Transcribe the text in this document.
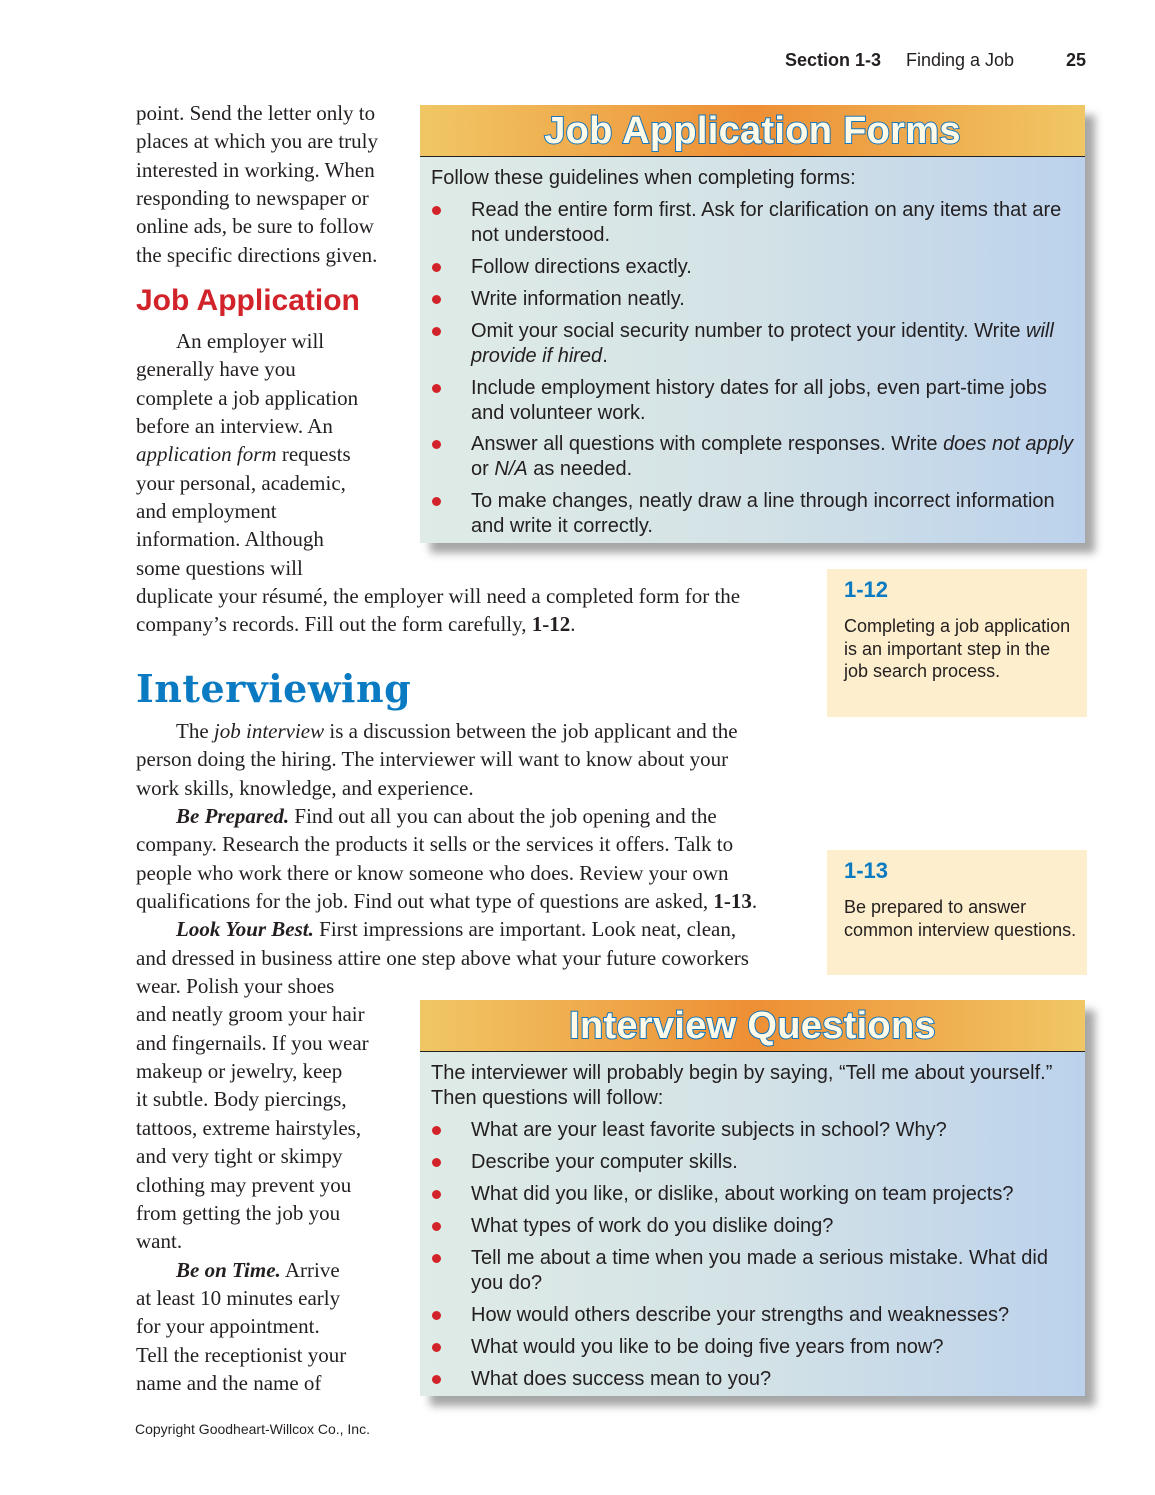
Section 1-3 Finding a Job	25
point. Send the letter only to
places at which you are truly
interested in working. When
responding to newspaper or
online ads, be sure to follow
the specific directions given.
Job Application
An employer will
generally have you
complete a job application
before an interview. An
application form requests
your personal, academic,
and employment
information. Although
some questions will
duplicate your résumé, the employer will need a completed form for the
company’s records. Fill out the form carefully, 1-12.
Interviewing
The job interview is a discussion between the job applicant and the
person doing the hiring. The interviewer will want to know about your
work skills, knowledge, and experience.
Be Prepared. Find out all you can about the job opening and the
company. Research the products it sells or the services it offers. Talk to
people who work there or know someone who does. Review your own
qualifications for the job. Find out what type of questions are asked, 1-13.
Look Your Best. First impressions are important. Look neat, clean,
and dressed in business attire one step above what your future coworkers
wear. Polish your shoes
and neatly groom your hair
and fingernails. If you wear
makeup or jewelry, keep
it subtle. Body piercings,
tattoos, extreme hairstyles,
and very tight or skimpy
clothing may prevent you
from getting the job you
want.
Be on Time. Arrive
at least 10 minutes early
for your appointment.
Tell the receptionist your
name and the name of
Job Application Forms
Follow these guidelines when completing forms:
Read the entire form first. Ask for clarification on any items that are not understood.
Follow directions exactly.
Write information neatly.
Omit your social security number to protect your identity. Write will provide if hired.
Include employment history dates for all jobs, even part-time jobs and volunteer work.
Answer all questions with complete responses. Write does not apply or N/A as needed.
To make changes, neatly draw a line through incorrect information and write it correctly.
1-12
Completing a job application is an important step in the job search process.
1-13
Be prepared to answer common interview questions.
Interview Questions
The interviewer will probably begin by saying, “Tell me about yourself.” Then questions will follow:
What are your least favorite subjects in school? Why?
Describe your computer skills.
What did you like, or dislike, about working on team projects?
What types of work do you dislike doing?
Tell me about a time when you made a serious mistake. What did you do?
How would others describe your strengths and weaknesses?
What would you like to be doing five years from now?
What does success mean to you?
Copyright Goodheart-Willcox Co., Inc.
